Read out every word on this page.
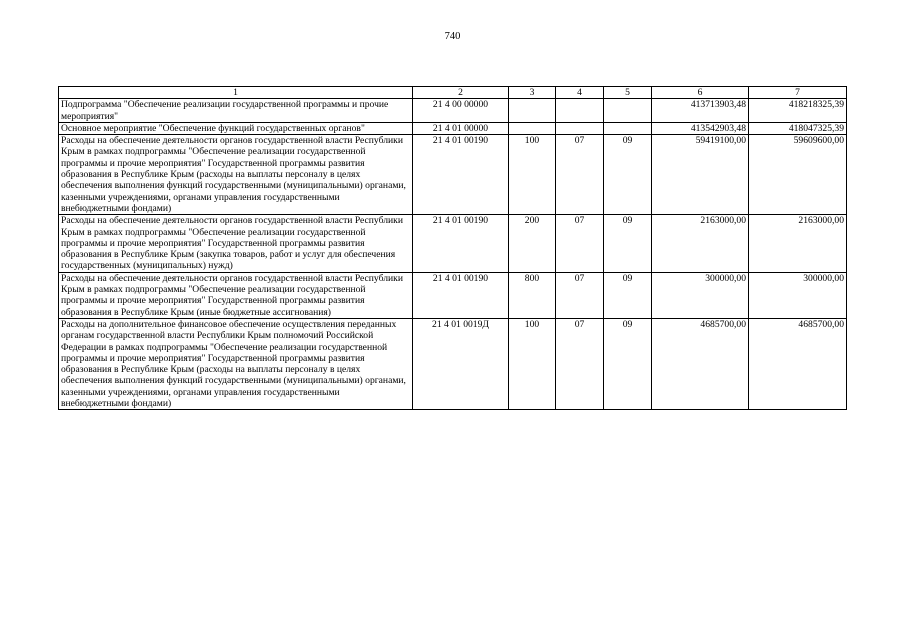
740
1	2	3	4	5	6	7
Подпрограмма "Обеспечение реализации государственной программы и прочие мероприятия"	21 4 00 00000				413713903,48	418218325,39
Основное мероприятие "Обеспечение функций государственных органов"	21 4 01 00000				413542903,48	418047325,39
Расходы на обеспечение деятельности органов государственной власти Республики Крым в рамках подпрограммы "Обеспечение реализации государственной программы и прочие мероприятия" Государственной программы развития образования в Республике Крым (расходы на выплаты персоналу в целях обеспечения выполнения функций государственными (муниципальными) органами, казенными учреждениями, органами управления государственными внебюджетными фондами)	21 4 01 00190	100	07	09	59419100,00	59609600,00
Расходы на обеспечение деятельности органов государственной власти Республики Крым в рамках подпрограммы "Обеспечение реализации государственной программы и прочие мероприятия" Государственной программы развития образования в Республике Крым (закупка товаров, работ и услуг для обеспечения государственных (муниципальных) нужд)	21 4 01 00190	200	07	09	2163000,00	2163000,00
Расходы на обеспечение деятельности органов государственной власти Республики Крым в рамках подпрограммы "Обеспечение реализации государственной программы и прочие мероприятия" Государственной программы развития образования в Республике Крым (иные бюджетные ассигнования)	21 4 01 00190	800	07	09	300000,00	300000,00
Расходы на дополнительное финансовое обеспечение осуществления переданных органам государственной власти Республики Крым полномочий Российской Федерации в рамках подпрограммы "Обеспечение реализации государственной программы и прочие мероприятия" Государственной программы развития образования в Республике Крым (расходы на выплаты персоналу в целях обеспечения выполнения функций государственными (муниципальными) органами, казенными учреждениями, органами управления государственными внебюджетными фондами)	21 4 01 0019Д	100	07	09	4685700,00	4685700,00
